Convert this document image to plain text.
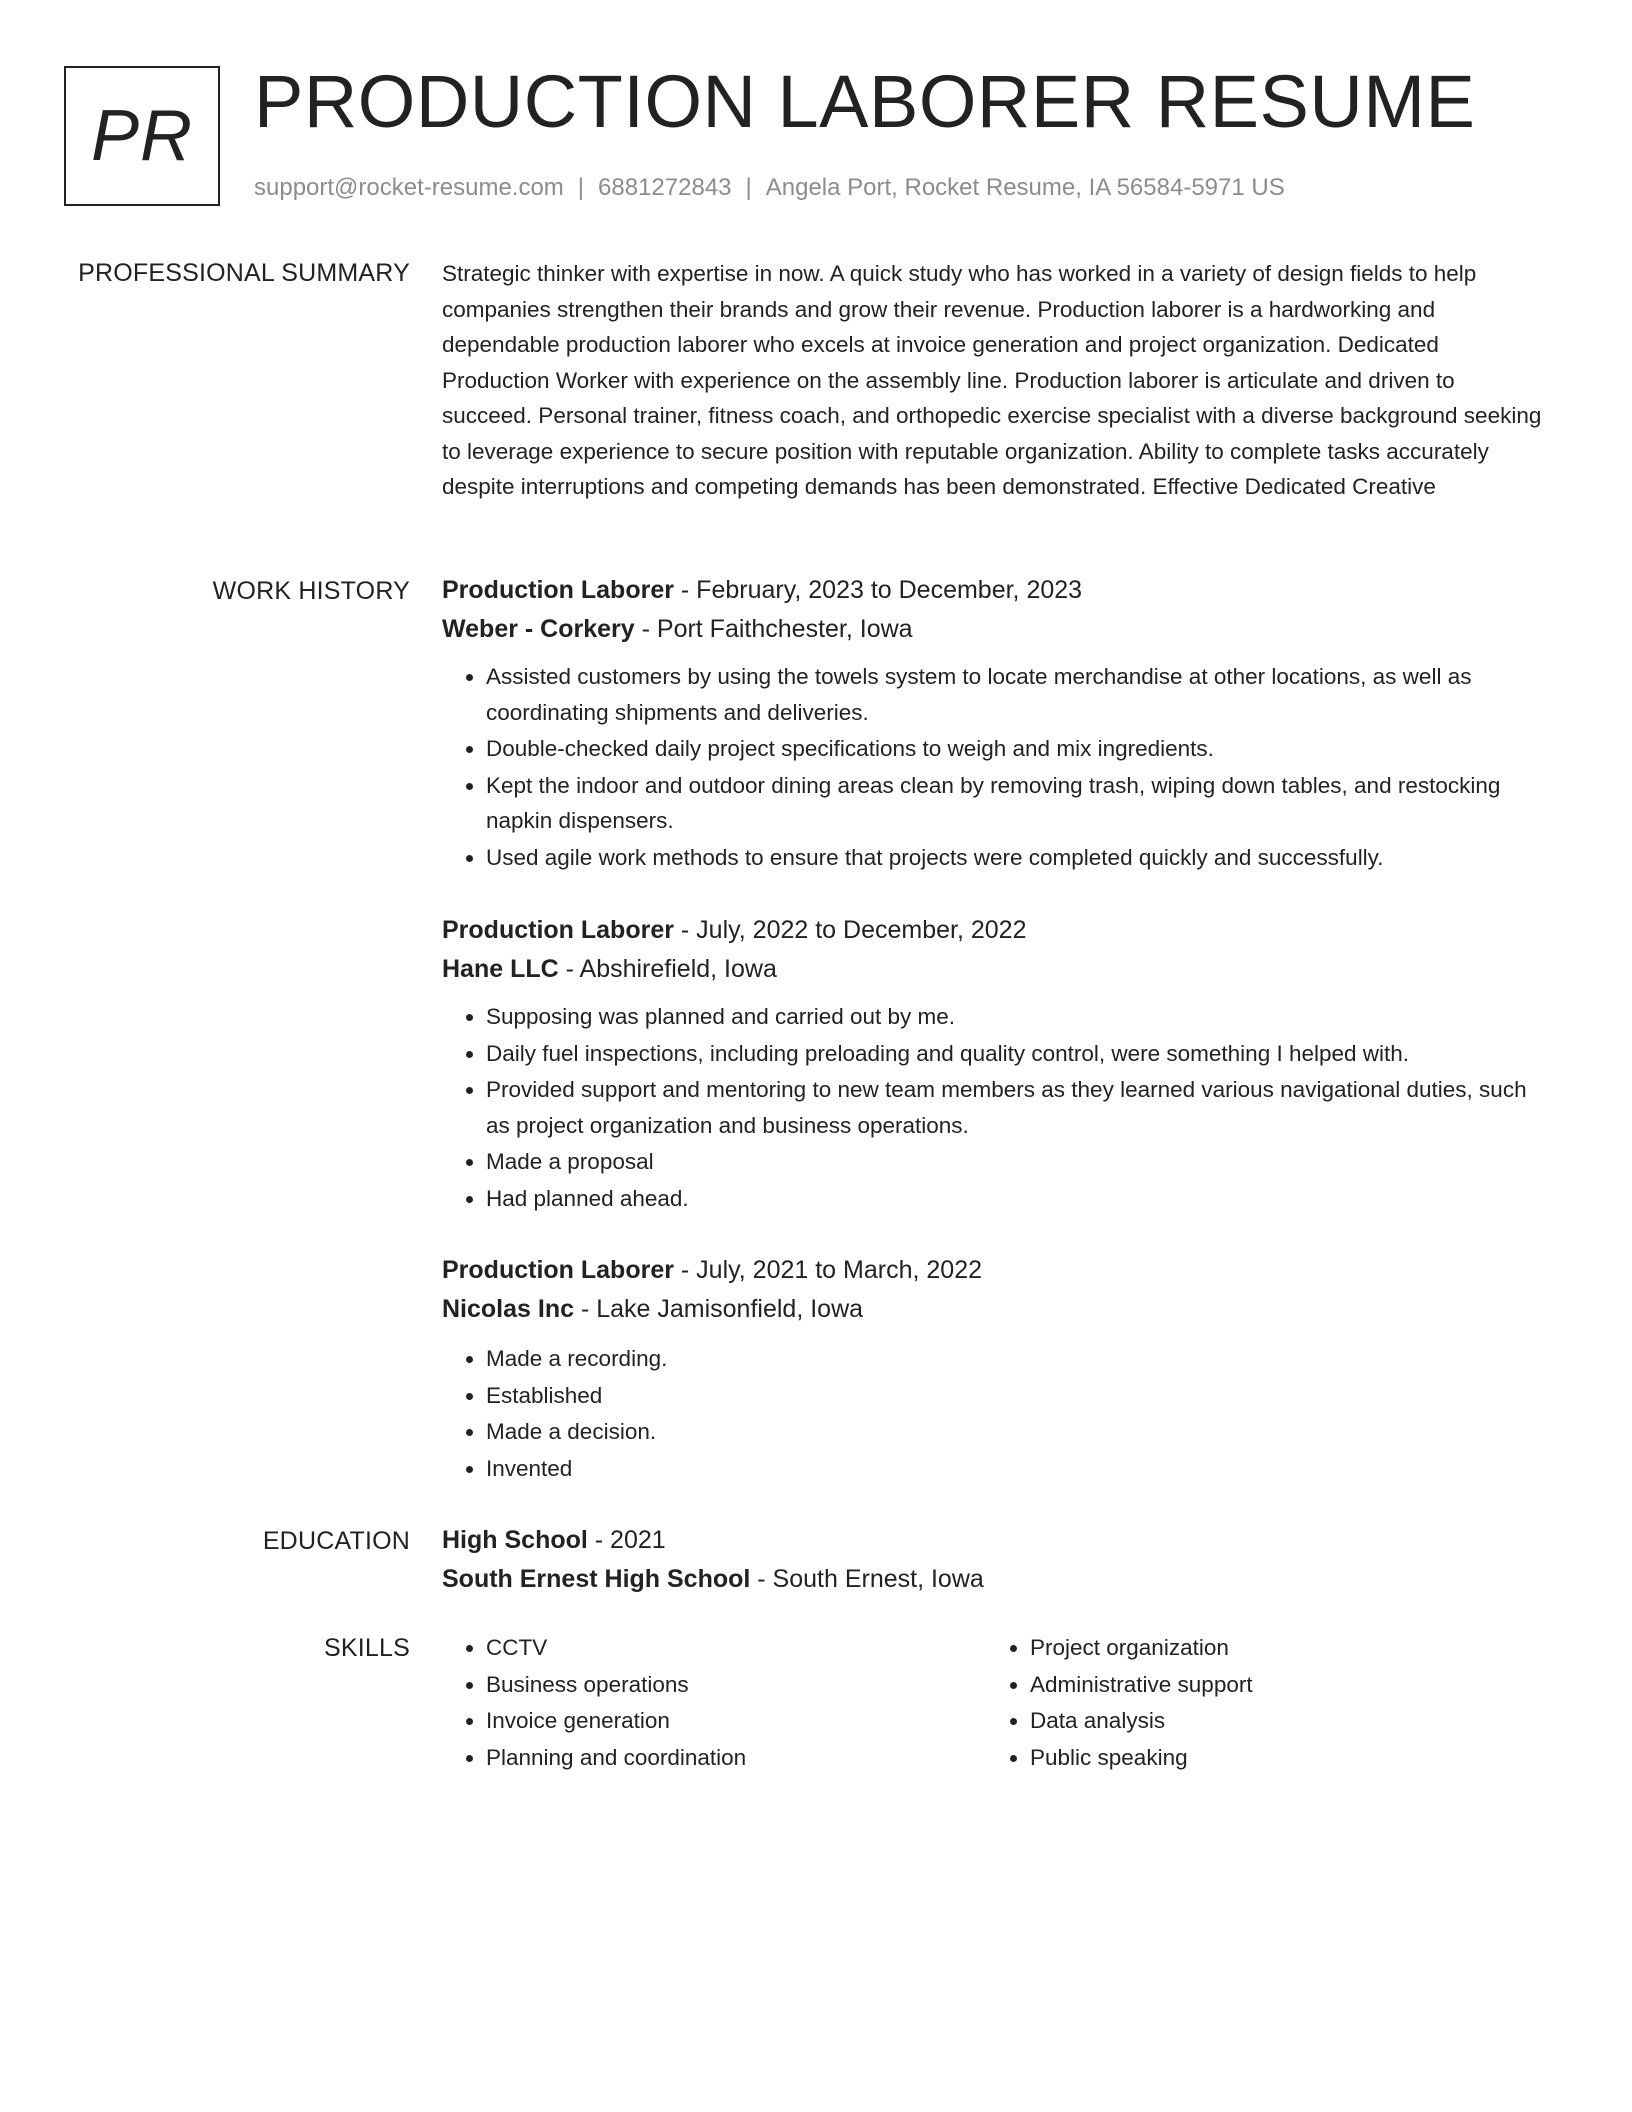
PR PRODUCTION LABORER RESUME
support@rocket-resume.com | 6881272843 | Angela Port, Rocket Resume, IA 56584-5971 US
PROFESSIONAL SUMMARY Strategic thinker with expertise in now. A quick study who has worked in a variety of design fields to help companies strengthen their brands and grow their revenue. Production laborer is a hardworking and dependable production laborer who excels at invoice generation and project organization. Dedicated Production Worker with experience on the assembly line. Production laborer is articulate and driven to succeed. Personal trainer, fitness coach, and orthopedic exercise specialist with a diverse background seeking to leverage experience to secure position with reputable organization. Ability to complete tasks accurately despite interruptions and competing demands has been demonstrated. Effective Dedicated Creative

WORK HISTORY Production Laborer - February, 2023 to December, 2023
Weber - Corkery - Port Faithchester, Iowa
• Assisted customers by using the towels system to locate merchandise at other locations, as well as coordinating shipments and deliveries.
• Double-checked daily project specifications to weigh and mix ingredients.
• Kept the indoor and outdoor dining areas clean by removing trash, wiping down tables, and restocking napkin dispensers.
• Used agile work methods to ensure that projects were completed quickly and successfully.
Production Laborer - July, 2022 to December, 2022
Hane LLC - Abshirefield, Iowa
• Supposing was planned and carried out by me.
• Daily fuel inspections, including preloading and quality control, were something I helped with.
• Provided support and mentoring to new team members as they learned various navigational duties, such as project organization and business operations.
• Made a proposal
• Had planned ahead.
Production Laborer - July, 2021 to March, 2022
Nicolas Inc - Lake Jamisonfield, Iowa
• Made a recording.
• Established
• Made a decision.
• Invented
EDUCATION High School - 2021
South Ernest High School - South Ernest, Iowa
SKILLS
•	CCTV
• Business operations
• Invoice generation
• Planning and coordination
• Project organization
• Administrative support
• Data analysis
• Public speaking
